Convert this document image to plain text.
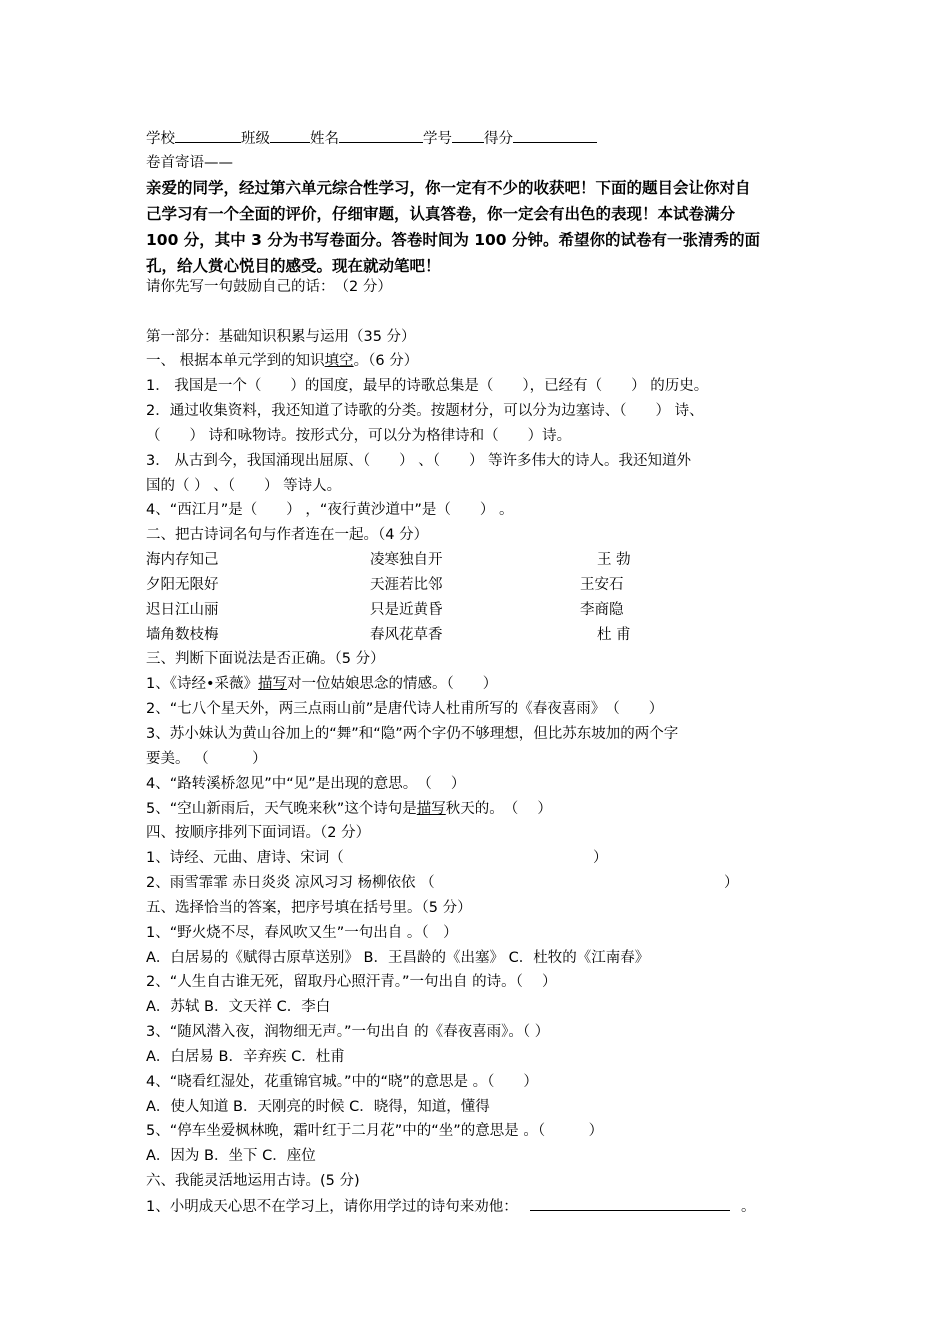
学校	班级	姓名	学号 得分
卷首寄语——
亲爱的同学，经过第六单元综合性学习，你一定有不少的收获吧！下面的题目会让你对自
己学习有一个全面的评价，仔细审题，认真答卷，你一定会有出色的表现！本试卷满分
100 分，其中 3 分为书写卷面分。答卷时间为 100 分钟。希望你的试卷有一张清秀的面
孔，给人赏心悦目的感受。现在就动笔吧！
请你先写一句鼓励自己的话：　（2 分）
第一部分：基础知识积累与运用（35 分）
一、 根据本单元学到的知识填空。（6 分）
1． 我国是一个（　　）的国度，最早的诗歌总集是（　　），已经有（　　） 的历史。
2．通过收集资料，我还知道了诗歌的分类。按题材分，可以分为边塞诗、（　　） 诗、
（　　） 诗和咏物诗。按形式分，可以分为格律诗和（　　）诗。
3． 从古到今，我国涌现出屈原、（　　） 、（　　） 等许多伟大的诗人。我还知道外
国的（ ） 、（　　） 等诗人。
4、“西江月”是（　　） ，“夜行黄沙道中”是（　　） 。
二、把古诗词名句与作者连在一起。（4 分）
海内存知己	凌寒独自开	王 勃
夕阳无限好	天涯若比邻	王安石
迟日江山丽	只是近黄昏	李商隐
墙角数枝梅	春风花草香	杜 甫
三、判断下面说法是否正确。（5 分）
1、《诗经•采薇》描写对一位姑娘思念的情感。（　　）
2、“七八个星天外，两三点雨山前”是唐代诗人杜甫所写的《春夜喜雨》　（　　）
3、苏小妹认为黄山谷加上的“舞”和“隐”两个字仍不够理想，但比苏东坡加的两个字
要美。 （　　　）
4、“路转溪桥忽见”中“见”是出现的意思。　（　 ）
5、“空山新雨后，天气晚来秋”这个诗句是描写秋天的。　（　 ）
四、按顺序排列下面词语。（2 分）
1、诗经、元曲、唐诗、宋词（	）
2、雨雪霏霏 赤日炎炎 凉风习习 杨柳依依 （	）
五、选择恰当的答案，把序号填在括号里。（5 分）
1、“野火烧不尽，春风吹又生”一句出自 。（　）
A．白居易的《赋得古原草送别》 B．王昌龄的《出塞》 C．杜牧的《江南春》
2、“人生自古谁无死，留取丹心照汗青。”一句出自 的诗。（　 ）
A．苏轼 B．文天祥 C．李白
3、“随风潜入夜，润物细无声。”一句出自 的《春夜喜雨》。（ ）
A．白居易 B．辛弃疾 C．杜甫
4、“晓看红湿处，花重锦官城。”中的“晓”的意思是 。（　　）
A．使人知道 B．天刚亮的时候 C．晓得，知道，懂得
5、“停车坐爱枫林晚，霜叶红于二月花”中的“坐”的意思是 。（　　　）
A．因为 B．坐下 C．座位
六、我能灵活地运用古诗。(5 分)
1、小明成天心思不在学习上，请你用学过的诗句来劝他：	。
